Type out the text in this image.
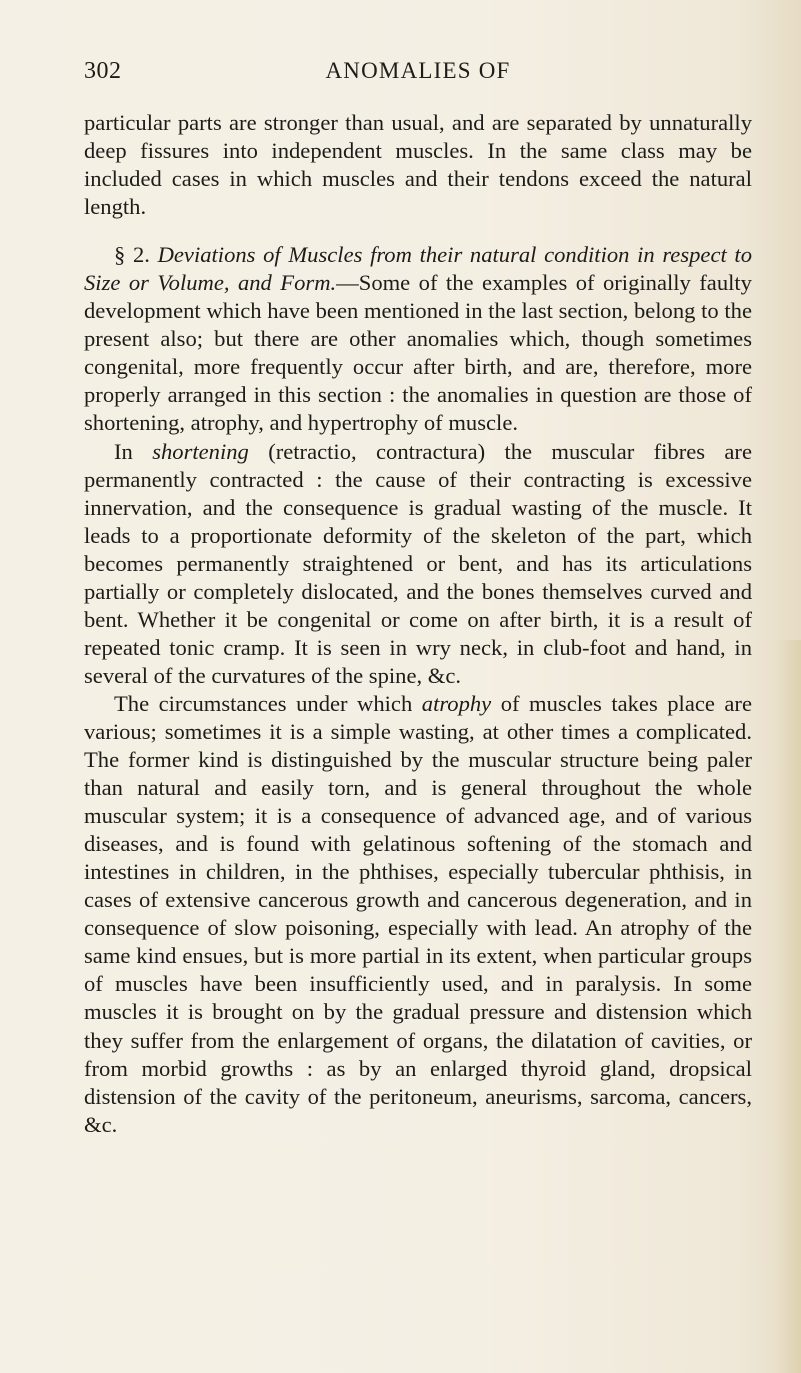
302	ANOMALIES OF

particular parts are stronger than usual, and are separated by unnaturally deep fissures into independent muscles. In the same class may be included cases in which muscles and their tendons exceed the natural length.

§ 2. Deviations of Muscles from their natural condition in respect to Size or Volume, and Form.—Some of the examples of originally faulty development which have been mentioned in the last section, belong to the present also; but there are other anomalies which, though sometimes congenital, more frequently occur after birth, and are, therefore, more properly arranged in this section : the anomalies in question are those of shortening, atrophy, and hypertrophy of muscle.

In shortening (retractio, contractura) the muscular fibres are permanently contracted : the cause of their contracting is excessive innervation, and the consequence is gradual wasting of the muscle. It leads to a proportionate deformity of the skeleton of the part, which becomes permanently straightened or bent, and has its articulations partially or completely dislocated, and the bones themselves curved and bent. Whether it be congenital or come on after birth, it is a result of repeated tonic cramp. It is seen in wry neck, in club-foot and hand, in several of the curvatures of the spine, &c.

The circumstances under which atrophy of muscles takes place are various; sometimes it is a simple wasting, at other times a complicated. The former kind is distinguished by the muscular structure being paler than natural and easily torn, and is general throughout the whole muscular system; it is a consequence of advanced age, and of various diseases, and is found with gelatinous softening of the stomach and intestines in children, in the phthises, especially tubercular phthisis, in cases of extensive cancerous growth and cancerous degeneration, and in consequence of slow poisoning, especially with lead. An atrophy of the same kind ensues, but is more partial in its extent, when particular groups of muscles have been insufficiently used, and in paralysis. In some muscles it is brought on by the gradual pressure and distension which they suffer from the enlargement of organs, the dilatation of cavities, or from morbid growths : as by an enlarged thyroid gland, dropsical distension of the cavity of the peritoneum, aneurisms, sarcoma, cancers, &c.
